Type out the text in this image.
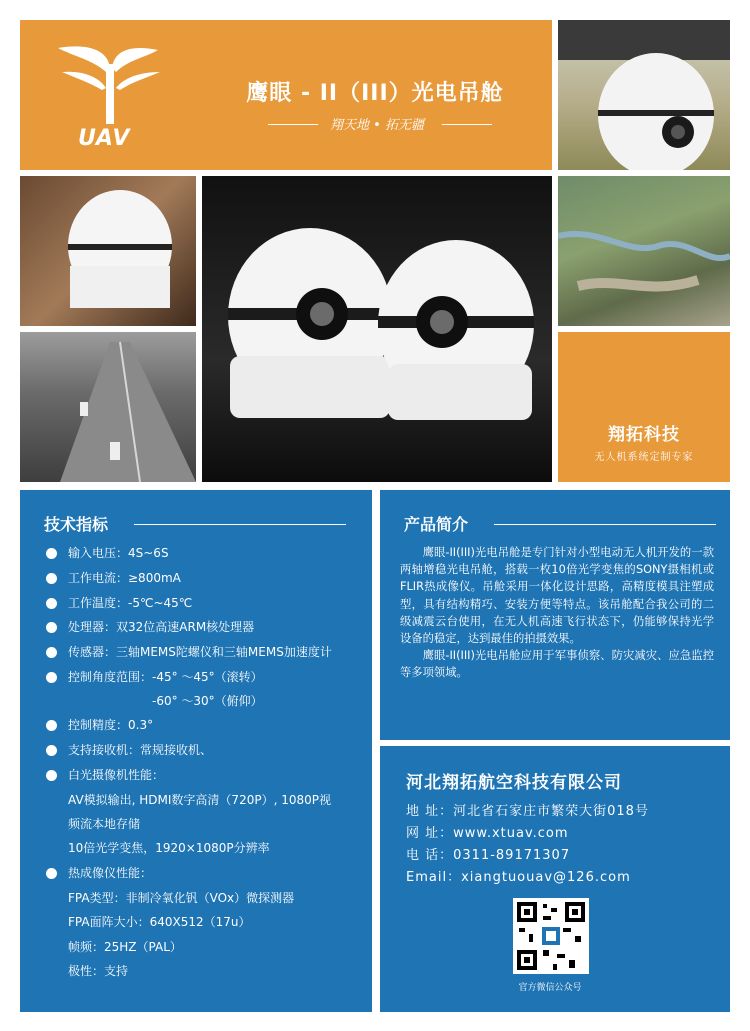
UAV
鹰眼 - II（III）光电吊舱
翔天地 • 拓无疆
翔拓科技
无人机系统定制专家
技术指标
输入电压：4S~6S
工作电流：≥800mA
工作温度：-5℃~45℃
处理器：双32位高速ARM核处理器
传感器：三轴MEMS陀螺仪和三轴MEMS加速度计
控制角度范围：-45° ～45°（滚转）
-60° ～30°（俯仰）
控制精度：0.3°
支持接收机：常规接收机、
白光摄像机性能：
AV模拟输出, HDMI数字高清（720P）, 1080P视
频流本地存储
10倍光学变焦，1920×1080P分辨率
热成像仪性能：
FPA类型：非制冷氧化钒（VOx）微探测器
FPA面阵大小：640X512（17u）
帧频：25HZ（PAL）
极性：支持
产品简介

鹰眼-II(III)光电吊舱是专门针对小型电动无人机开发的一款两轴增稳光电吊舱，搭载一枚10倍光学变焦的SONY摄相机或FLIR热成像仪。吊舱采用一体化设计思路，高精度模具注塑成型，具有结构精巧、安装方便等特点。该吊舱配合我公司的二级减震云台使用，在无人机高速飞行状态下，仍能够保持光学设备的稳定，达到最佳的拍摄效果。

鹰眼-II(III)光电吊舱应用于军事侦察、防灾减灾、应急监控等多项领域。

河北翔拓航空科技有限公司
地 址：河北省石家庄市繁荣大街018号
网 址：www.xtuav.com
电 话：0311-89171307
Email：xiangtuouav@126.com
官方微信公众号
